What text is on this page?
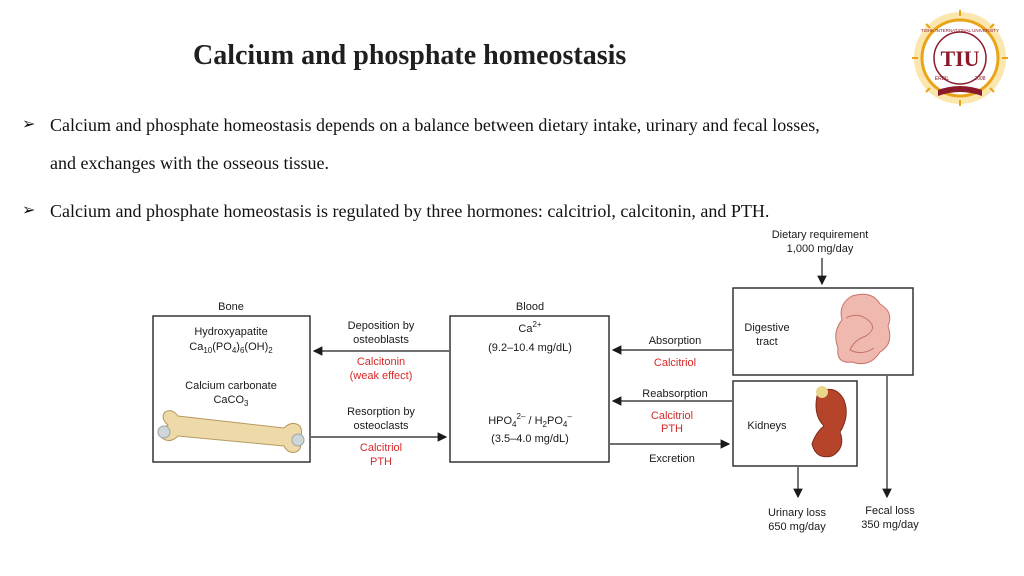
Calcium and phosphate homeostasis	TIU
TISHK INTERNATIONAL UNIVERSITY
ERBIL	2008
➢ Calcium and phosphate homeostasis depends on a balance between dietary intake, urinary and fecal losses,
and exchanges with the osseous tissue.
➢ Calcium and phosphate homeostasis is regulated by three hormones: calcitriol, calcitonin, and PTH.
Bone	Blood
Hydroxyapatite
$Ca_{10}(PO_4)_6(OH)_2$
Calcium carbonate
CaCO$_3$
$Ca^{2+}$
(9.2–10.4 mg/dL)
$HPO_4^{2-} / H_2PO_4^-$
(3.5–4.0 mg/dL)
Deposition by
osteoblasts
Calcitonin
(weak effect)
Resorption by
osteoclasts
Calcitriol
PTH
Absorption
Calcitriol
Reabsorption
Calcitriol
PTH
Excretion
Dietary requirement
1,000 mg/day
Digestive
tract
Kidneys
Urinary loss
650 mg/day
Fecal loss
350 mg/day
